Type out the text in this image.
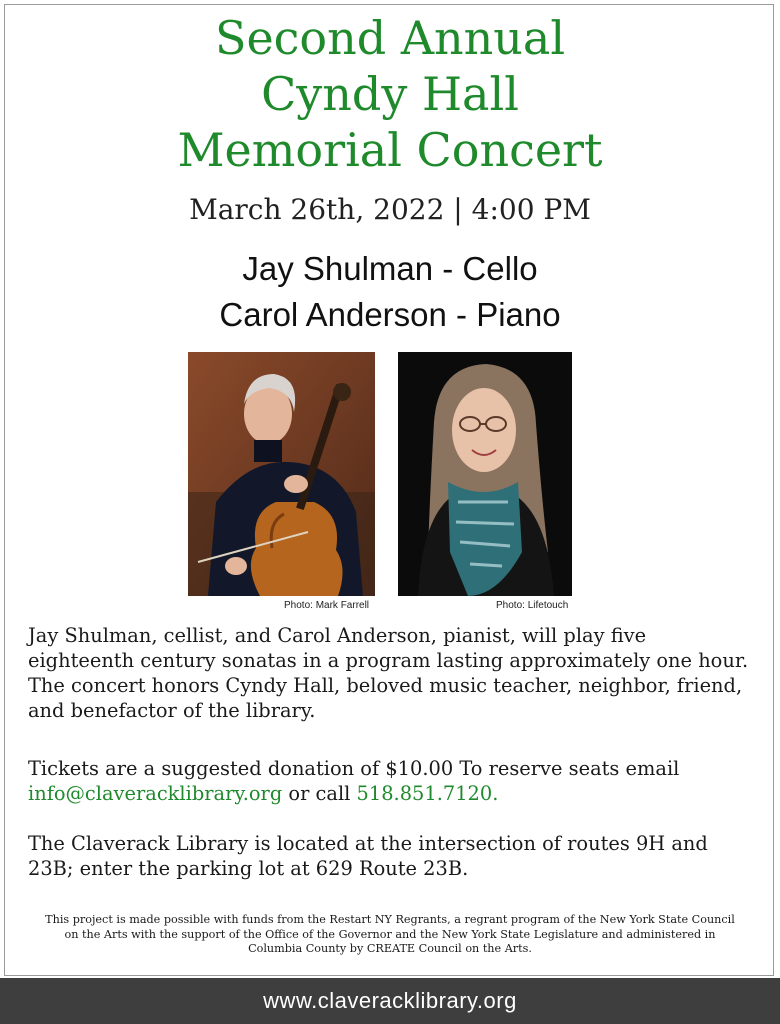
Second Annual
Cyndy Hall
Memorial Concert
March 26th, 2022 | 4:00 PM
Jay Shulman - Cello
Carol Anderson - Piano
Photo: Mark Farrell	Photo: Lifetouch

Jay Shulman, cellist, and Carol Anderson, pianist, will play five eighteenth century sonatas in a program lasting approximately one hour. The concert honors Cyndy Hall, beloved music teacher, neighbor, friend, and benefactor of the library.

Tickets are a suggested donation of $10.00 To reserve seats email info@claveracklibrary.org or call 518.851.7120.

The Claverack Library is located at the intersection of routes 9H and 23B; enter the parking lot at 629 Route 23B.

This project is made possible with funds from the Restart NY Regrants, a regrant program of the New York State Council on the Arts with the support of the Office of the Governor and the New York State Legislature and administered in Columbia County by CREATE Council on the Arts.

www.claveracklibrary.org
